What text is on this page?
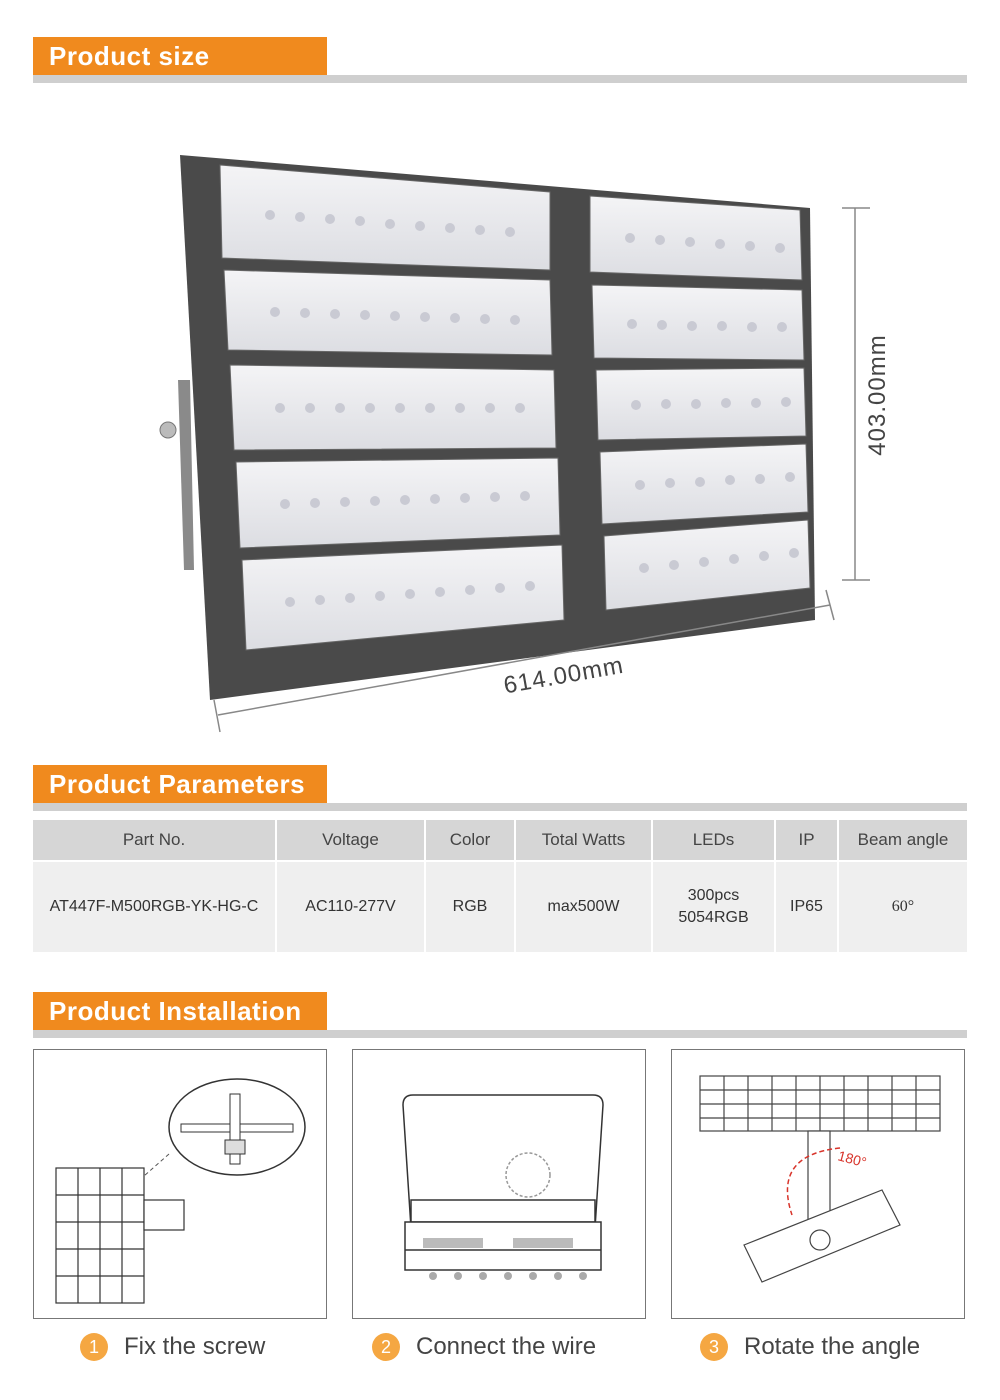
Product size
403.00mm
614.00mm
Product Parameters
Part No.	Voltage	Color	Total Watts	LEDs	IP	Beam angle
AT447F-M500RGB-YK-HG-C	AC110-277V	RGB	max500W	300pcs
5054RGB	IP65	60°
Product Installation
1	Fix the screw	2	Connect the wire
180°
3	Rotate the angle
